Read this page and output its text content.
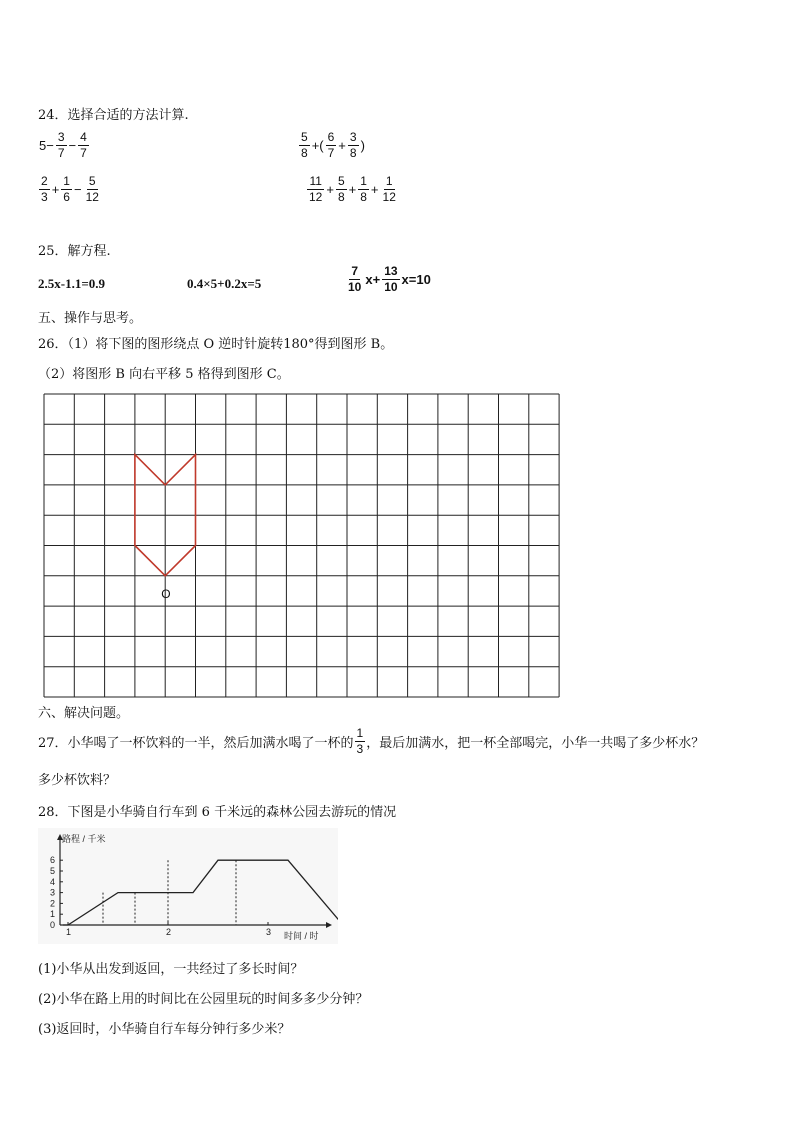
24．选择合适的方法计算.
$5- \frac{3}{7} - \frac{4}{7}$	$\frac{5}{8}$ +( $\frac{6}{7} + \frac{3}{8}$ )
$\frac{2}{3} + \frac{1}{6} - \frac{5}{12}$	$\frac{11}{12} + \frac{5}{8} + \frac{1}{8} + \frac{1}{12}$
25．解方程.
2.5x-1.1=0.9	0.4×5+0.2x=5	$\frac{7}{10} x+ \frac{13}{10} x=10$
五、操作与思考。
26．（1）将下图的图形绕点 O 逆时针旋转180°得到图形 B。
（2）将图形 B 向右平移 5 格得到图形 C。
O
六、解决问题。
27．小华喝了一杯饮料的一半，然后加满水喝了一杯的 $\frac{1}{3}$ ，最后加满水，把一杯全部喝完，小华一共喝了多少杯水？
多少杯饮料？
28．下图是小华骑自行车到 6 千米远的森林公园去游玩的情况
0
1
2
3
4
5
6
1	2	3
路程 / 千米
时间 / 时
(1)小华从出发到返回，一共经过了多长时间？
(2)小华在路上用的时间比在公园里玩的时间多多少分钟？
(3)返回时，小华骑自行车每分钟行多少米？
